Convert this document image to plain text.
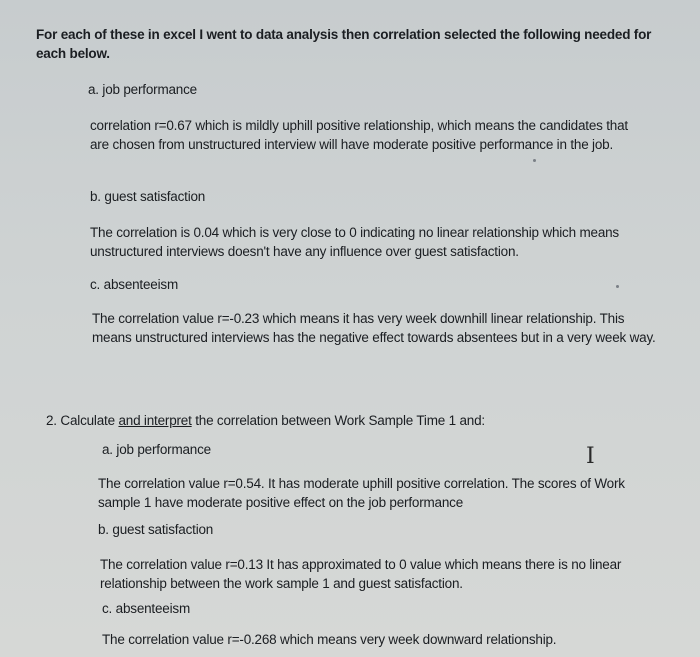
For each of these in excel I went to data analysis then correlation selected the following needed for each below.

a. job performance

correlation r=0.67 which is mildly uphill positive relationship, which means the candidates that are chosen from unstructured interview will have moderate positive performance in the job.

b. guest satisfaction

The correlation is 0.04 which is very close to 0 indicating no linear relationship which means unstructured interviews doesn't have any influence over guest satisfaction.

c. absenteeism

The correlation value r=-0.23 which means it has very week downhill linear relationship. This means unstructured interviews has the negative effect towards absentees but in a very week way.

2. Calculate and interpret the correlation between Work Sample Time 1 and:

a. job performance	I

The correlation value r=0.54. It has moderate uphill positive correlation. The scores of Work sample 1 have moderate positive effect on the job performance

b. guest satisfaction

The correlation value r=0.13 It has approximated to 0 value which means there is no linear relationship between the work sample 1 and guest satisfaction.

c. absenteeism

The correlation value r=-0.268 which means very week downward relationship.
